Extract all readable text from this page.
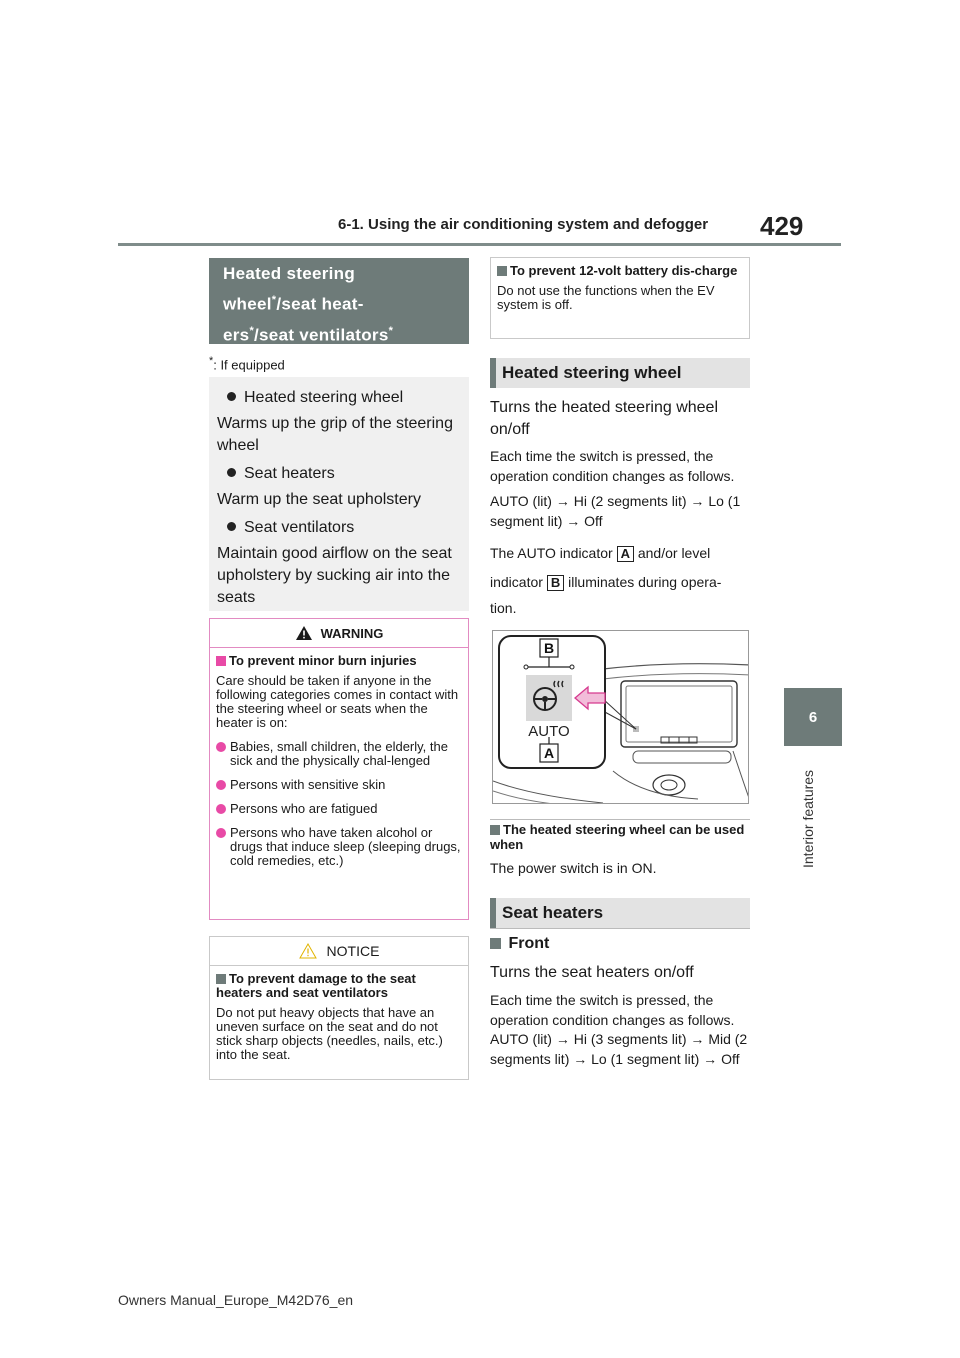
6-1. Using the air conditioning system and defogger 429
6
Interior features
Heated steering
wheel*/seat heat-
ers*/seat ventilators*
*: If equipped
Heated steering wheel
Warms up the grip of the steering wheel
Seat heaters
Warm up the seat upholstery
Seat ventilators
Maintain good airflow on the seat upholstery by sucking air into the seats
WARNING
To prevent minor burn injuries
Care should be taken if anyone in the following categories comes in contact with the steering wheel or seats when the heater is on:
Babies, small children, the elderly, the sick and the physically chal-lenged
Persons with sensitive skin
Persons who are fatigued
Persons who have taken alcohol or drugs that induce sleep (sleeping drugs, cold remedies, etc.)
NOTICE
To prevent damage to the seat heaters and seat ventilators
Do not put heavy objects that have an uneven surface on the seat and do not stick sharp objects (needles, nails, etc.) into the seat.
To prevent 12-volt battery dis-charge
Do not use the functions when the EV system is off.
Heated steering wheel
Turns the heated steering wheel on/off
Each time the switch is pressed, the operation condition changes as follows.
AUTO (lit) → Hi (2 segments lit) → Lo (1 segment lit) → Off
The AUTO indicator A and/or level
indicator B illuminates during opera-
tion.
B
AUTO
A
The heated steering wheel can be used when
The power switch is in ON.
Seat heaters
Front
Turns the seat heaters on/off
Each time the switch is pressed, the operation condition changes as follows.
AUTO (lit) → Hi (3 segments lit) → Mid (2 segments lit) → Lo (1 segment lit) → Off
Owners Manual_Europe_M42D76_en
